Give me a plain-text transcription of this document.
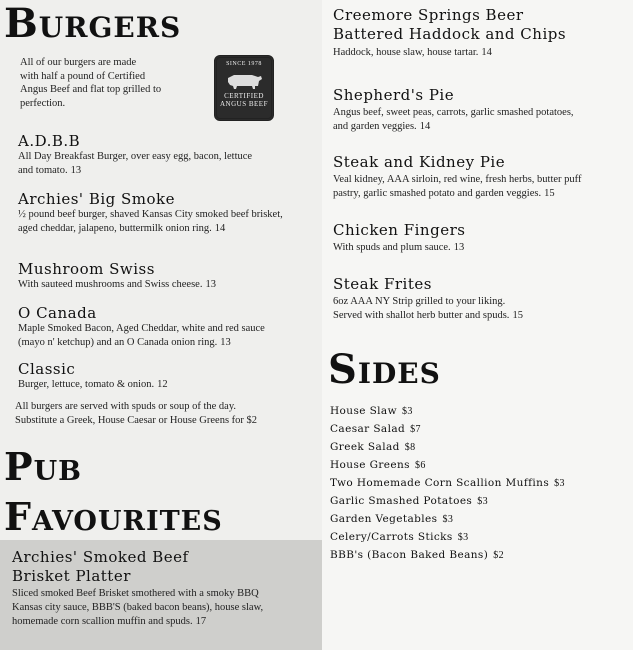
Burgers
All of our burgers are made
with half a pound of Certified
Angus Beef and flat top grilled to
perfection.
SINCE 1978
CERTIFIED
ANGUS BEEF
A.D.B.B
All Day Breakfast Burger, over easy egg, bacon, lettuce
and tomato. 13
Archies' Big Smoke
½ pound beef burger, shaved Kansas City smoked beef brisket,
aged cheddar, jalapeno, buttermilk onion ring. 14
Mushroom Swiss
With sauteed mushrooms and Swiss cheese. 13
O Canada
Maple Smoked Bacon, Aged Cheddar, white and red sauce
(mayo n' ketchup) and an O Canada onion ring. 13
Classic
Burger, lettuce, tomato & onion. 12
All burgers are served with spuds or soup of the day.
Substitute a Greek, House Caesar or House Greens for $2
Pub
Favourites
Archies' Smoked Beef
Brisket Platter
Sliced smoked Beef Brisket smothered with a smoky BBQ
Kansas city sauce, BBB'S (baked bacon beans), house slaw,
homemade corn scallion muffin and spuds. 17
Creemore Springs Beer
Battered Haddock and Chips
Haddock, house slaw, house tartar. 14
Shepherd's Pie
Angus beef, sweet peas, carrots, garlic smashed potatoes,
and garden veggies. 14
Steak and Kidney Pie
Veal kidney, AAA sirloin, red wine, fresh herbs, butter puff
pastry, garlic smashed potato and garden veggies. 15
Chicken Fingers
With spuds and plum sauce. 13
Steak Frites
6oz AAA NY Strip grilled to your liking.
Served with shallot herb butter and spuds. 15
Sides
House Slaw $3
Caesar Salad $7
Greek Salad $8
House Greens $6
Two Homemade Corn Scallion Muffins $3
Garlic Smashed Potatoes $3
Garden Vegetables $3
Celery/Carrots Sticks $3
BBB's (Bacon Baked Beans) $2
